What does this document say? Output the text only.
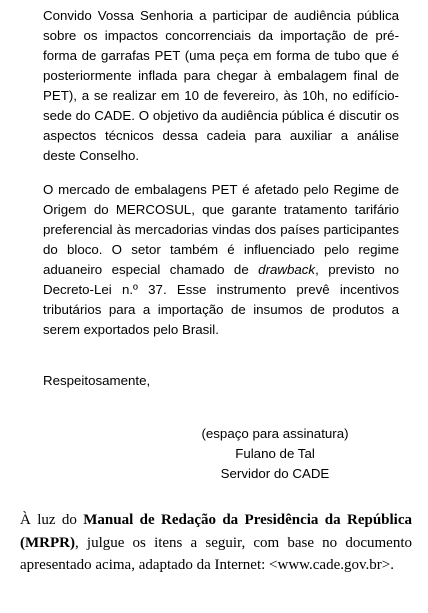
Convido Vossa Senhoria a participar de audiência pública sobre os impactos concorrenciais da importação de pré-forma de garrafas PET (uma peça em forma de tubo que é posteriormente inflada para chegar à embalagem final de PET), a se realizar em 10 de fevereiro, às 10h, no edifício-sede do CADE. O objetivo da audiência pública é discutir os aspectos técnicos dessa cadeia para auxiliar a análise deste Conselho.

O mercado de embalagens PET é afetado pelo Regime de Origem do MERCOSUL, que garante tratamento tarifário preferencial às mercadorias vindas dos países participantes do bloco. O setor também é influenciado pelo regime aduaneiro especial chamado de drawback, previsto no Decreto-Lei n.º 37. Esse instrumento prevê incentivos tributários para a importação de insumos de produtos a serem exportados pelo Brasil.

Respeitosamente,
(espaço para assinatura)
Fulano de Tal
Servidor do CADE
À luz do Manual de Redação da Presidência da República (MRPR), julgue os itens a seguir, com base no documento apresentado acima, adaptado da Internet: <www.cade.gov.br>.
